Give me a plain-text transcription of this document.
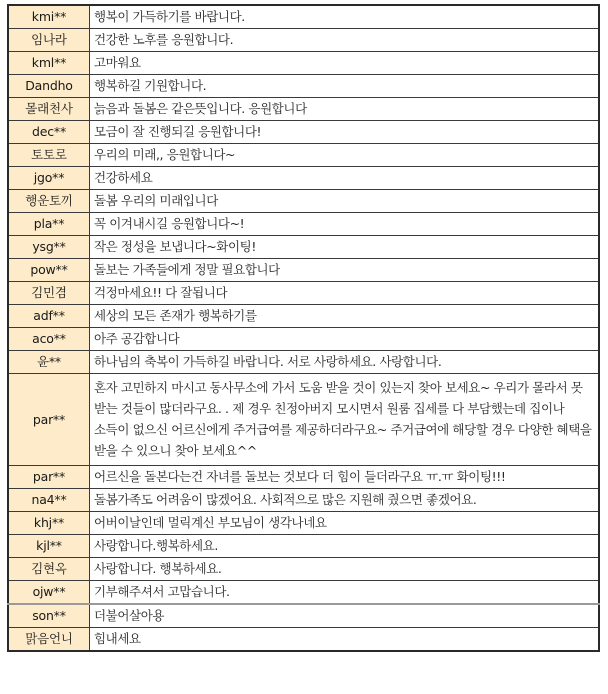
kmi**	행복이 가득하기를 바랍니다.
임나라	건강한 노후를 응원합니다.
kml**	고마워요
Dandho	행복하길 기원합니다.
몰래천사	늙음과 돌봄은 같은뜻입니다. 응원합니다
dec**	모금이 잘 진행되길 응원합니다!
토토로	우리의 미래,, 응원합니다~
jgo**	건강하세요
행운토끼	돌봄 우리의 미래입니다
pla**	꼭 이겨내시길 응원합니다~!
ysg**	작은 정성을 보냅니다~화이팅!
pow**	돌보는 가족들에게 정말 필요합니다
김민겸	걱정마세요!! 다 잘됩니다
adf**	세상의 모든 존재가 행복하기를
aco**	아주 공감합니다
윤**	하나님의 축복이 가득하길 바랍니다. 서로 사랑하세요. 사랑합니다.
par**	혼자 고민하지 마시고 동사무소에 가서 도움 받을 것이 있는지 찾아 보세요~ 우리가 몰라서 못 받는 것들이 많더라구요. . 제 경우 친정아버지 모시면서 원룸 집세를 다 부담했는데 집이나 소득이 없으신 어르신에게 주거급여를 제공하더라구요~ 주거급여에 해당할 경우 다양한 혜택을 받을 수 있으니 찾아 보세요^^
par**	어르신을 돌본다는건 자녀를 돌보는 것보다 더 힘이 들더라구요 ㅠ.ㅠ 화이팅!!!
na4**	돌봄가족도 어려움이 많겠어요. 사회적으로 많은 지원해 줬으면 좋겠어요.
khj**	어버이날인데 멀릭계신 부모님이 생각나네요
kjl**	사랑합니다.행복하세요.
김현옥	사랑합니다. 행복하세요.
ojw**	기부해주셔서 고맙습니다.
son**	더불어살아용
맑음언니	힘내세요
